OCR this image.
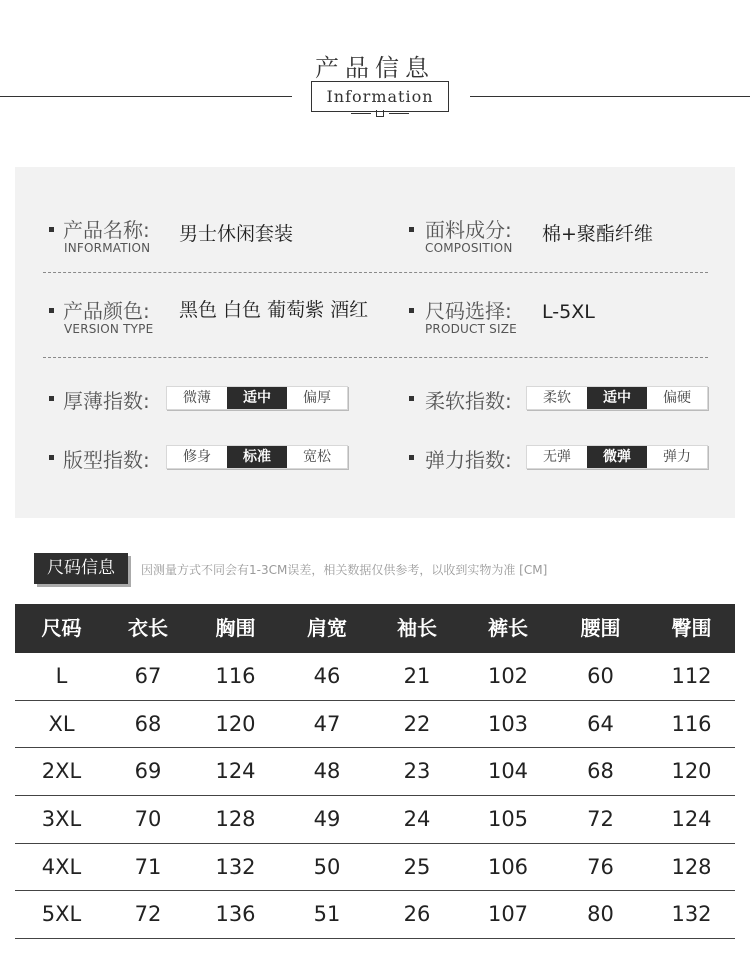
产品信息
Information
产品名称:
INFORMATION
男士休闲套装	面料成分:
COMPOSITION
棉+聚酯纤维
产品颜色:
VERSION TYPE
黑色 白色 葡萄紫 酒红	尺码选择:
PRODUCT SIZE
L-5XL
厚薄指数:	微薄	适中	偏厚	柔软指数:	柔软	适中	偏硬
版型指数:	修身	标准	宽松	弹力指数:	无弹	微弹	弹力
尺码信息	因测量方式不同会有1-3CM误差，相关数据仅供参考，以收到实物为准 [CM]
尺码	衣长	胸围	肩宽	袖长	裤长	腰围	臀围
L	67	116	46	21	102	60	112
XL	68	120	47	22	103	64	116
2XL	69	124	48	23	104	68	120
3XL	70	128	49	24	105	72	124
4XL	71	132	50	25	106	76	128
5XL	72	136	51	26	107	80	132
